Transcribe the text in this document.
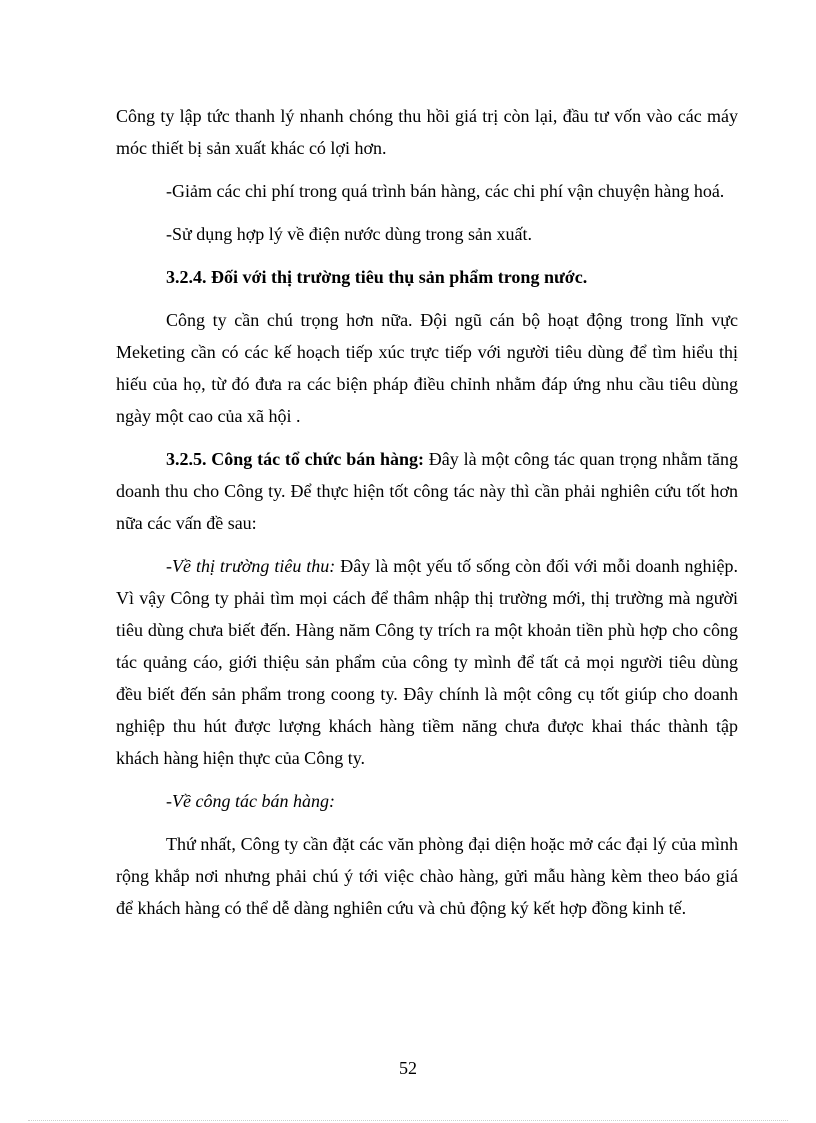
Công ty lập tức thanh lý nhanh chóng thu hồi giá trị còn lại, đầu tư vốn vào các máy móc thiết bị sản xuất khác có lợi hơn.

-Giảm các chi phí trong quá trình bán hàng, các chi phí vận chuyện hàng hoá.

-Sử dụng hợp lý về điện nước dùng trong sản xuất.

3.2.4. Đối với thị trường tiêu thụ sản phẩm trong nước.

Công ty cần chú trọng hơn nữa. Đội ngũ cán bộ hoạt động trong lĩnh vực Meketing cần có các kế hoạch tiếp xúc trực tiếp với người tiêu dùng để tìm hiểu thị hiếu của họ, từ đó đưa ra các biện pháp điều chỉnh nhằm đáp ứng nhu cầu tiêu dùng ngày một cao của xã hội .

3.2.5. Công tác tổ chức bán hàng: Đây là một công tác quan trọng nhằm tăng doanh thu cho Công ty. Để thực hiện tốt công tác này thì cần phải nghiên cứu tốt hơn nữa các vấn đề sau:

-Về thị trường tiêu thu: Đây là một yếu tố sống còn đối với mỗi doanh nghiệp. Vì vậy Công ty phải tìm mọi cách để thâm nhập thị trường mới, thị trường mà người tiêu dùng chưa biết đến. Hàng năm Công ty trích ra một khoản tiền phù hợp cho công tác quảng cáo, giới thiệu sản phẩm của công ty mình để tất cả mọi người tiêu dùng đều biết đến sản phẩm trong coong ty. Đây chính là một công cụ tốt giúp cho doanh nghiệp thu hút được lượng khách hàng tiềm năng chưa được khai thác thành tập khách hàng hiện thực của Công ty.

-Về công tác bán hàng:

Thứ nhất, Công ty cần đặt các văn phòng đại diện hoặc mở các đại lý của mình rộng khắp nơi nhưng phải chú ý tới việc chào hàng, gửi mẫu hàng kèm theo báo giá để khách hàng có thể dễ dàng nghiên cứu và chủ động ký kết hợp đồng kinh tế.

52
